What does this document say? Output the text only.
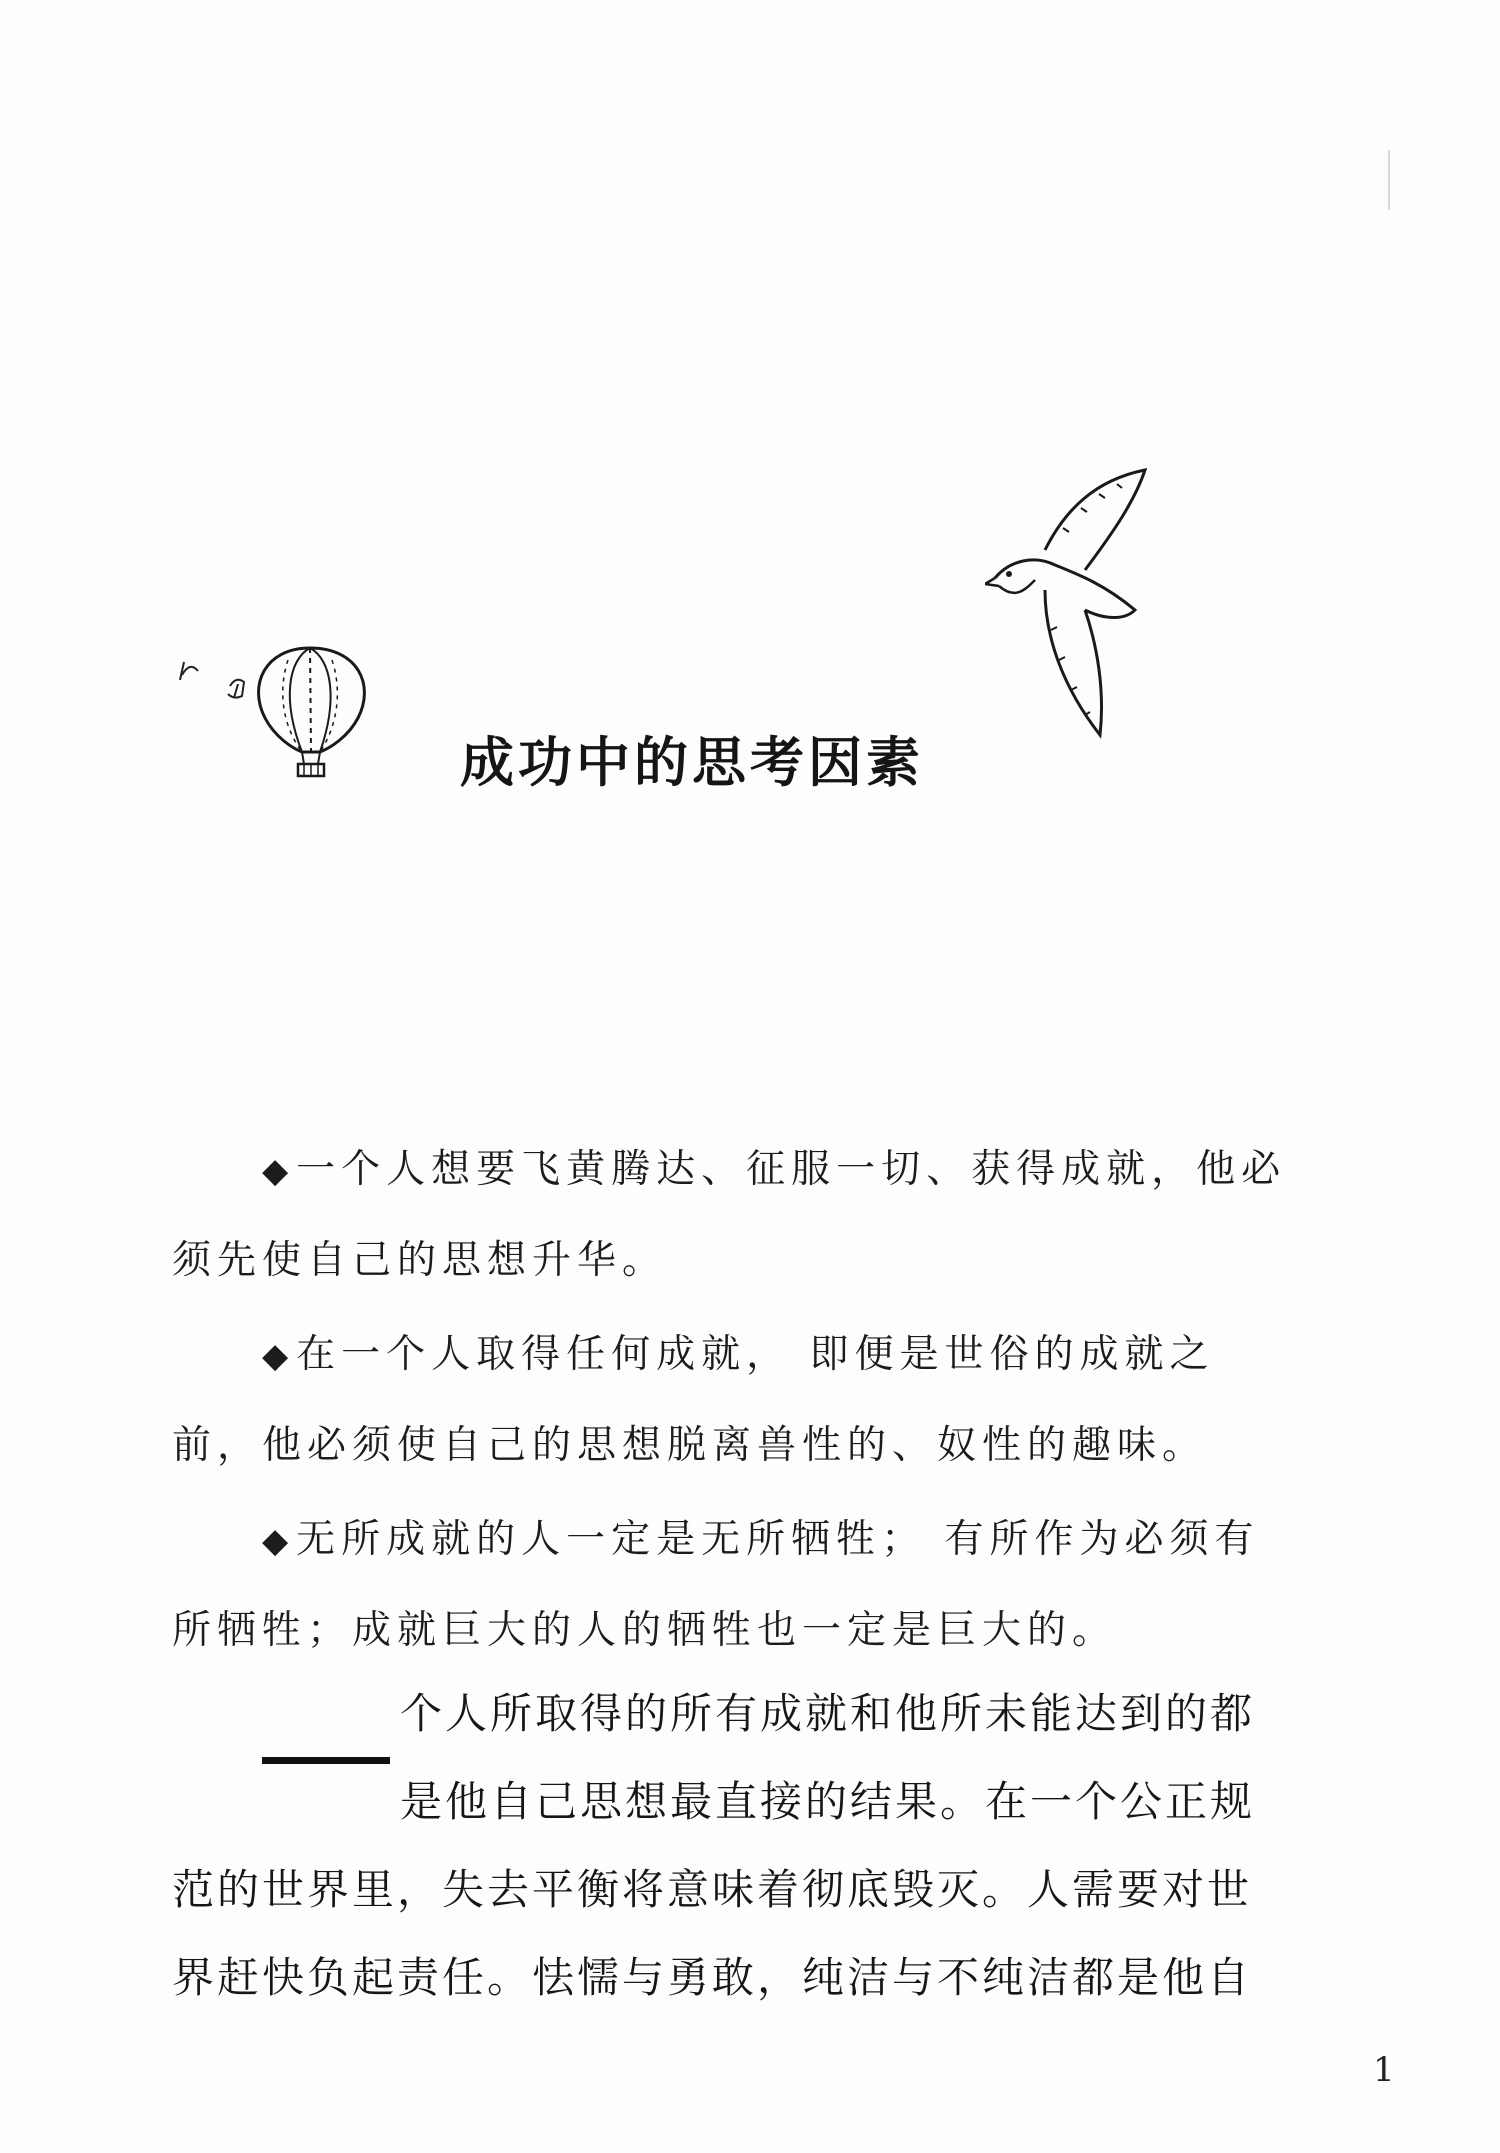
成功中的思考因素
◆一个人想要飞黄腾达、征服一切、获得成就，他必
须先使自己的思想升华。
◆在一个人取得任何成就， 即便是世俗的成就之
前，他必须使自己的思想脱离兽性的、奴性的趣味。
◆无所成就的人一定是无所牺牲； 有所作为必须有
所牺牲；成就巨大的人的牺牲也一定是巨大的。
个人所取得的所有成就和他所未能达到的都
是他自己思想最直接的结果。在一个公正规
范的世界里，失去平衡将意味着彻底毁灭。人需要对世
界赶快负起责任。怯懦与勇敢，纯洁与不纯洁都是他自
1
